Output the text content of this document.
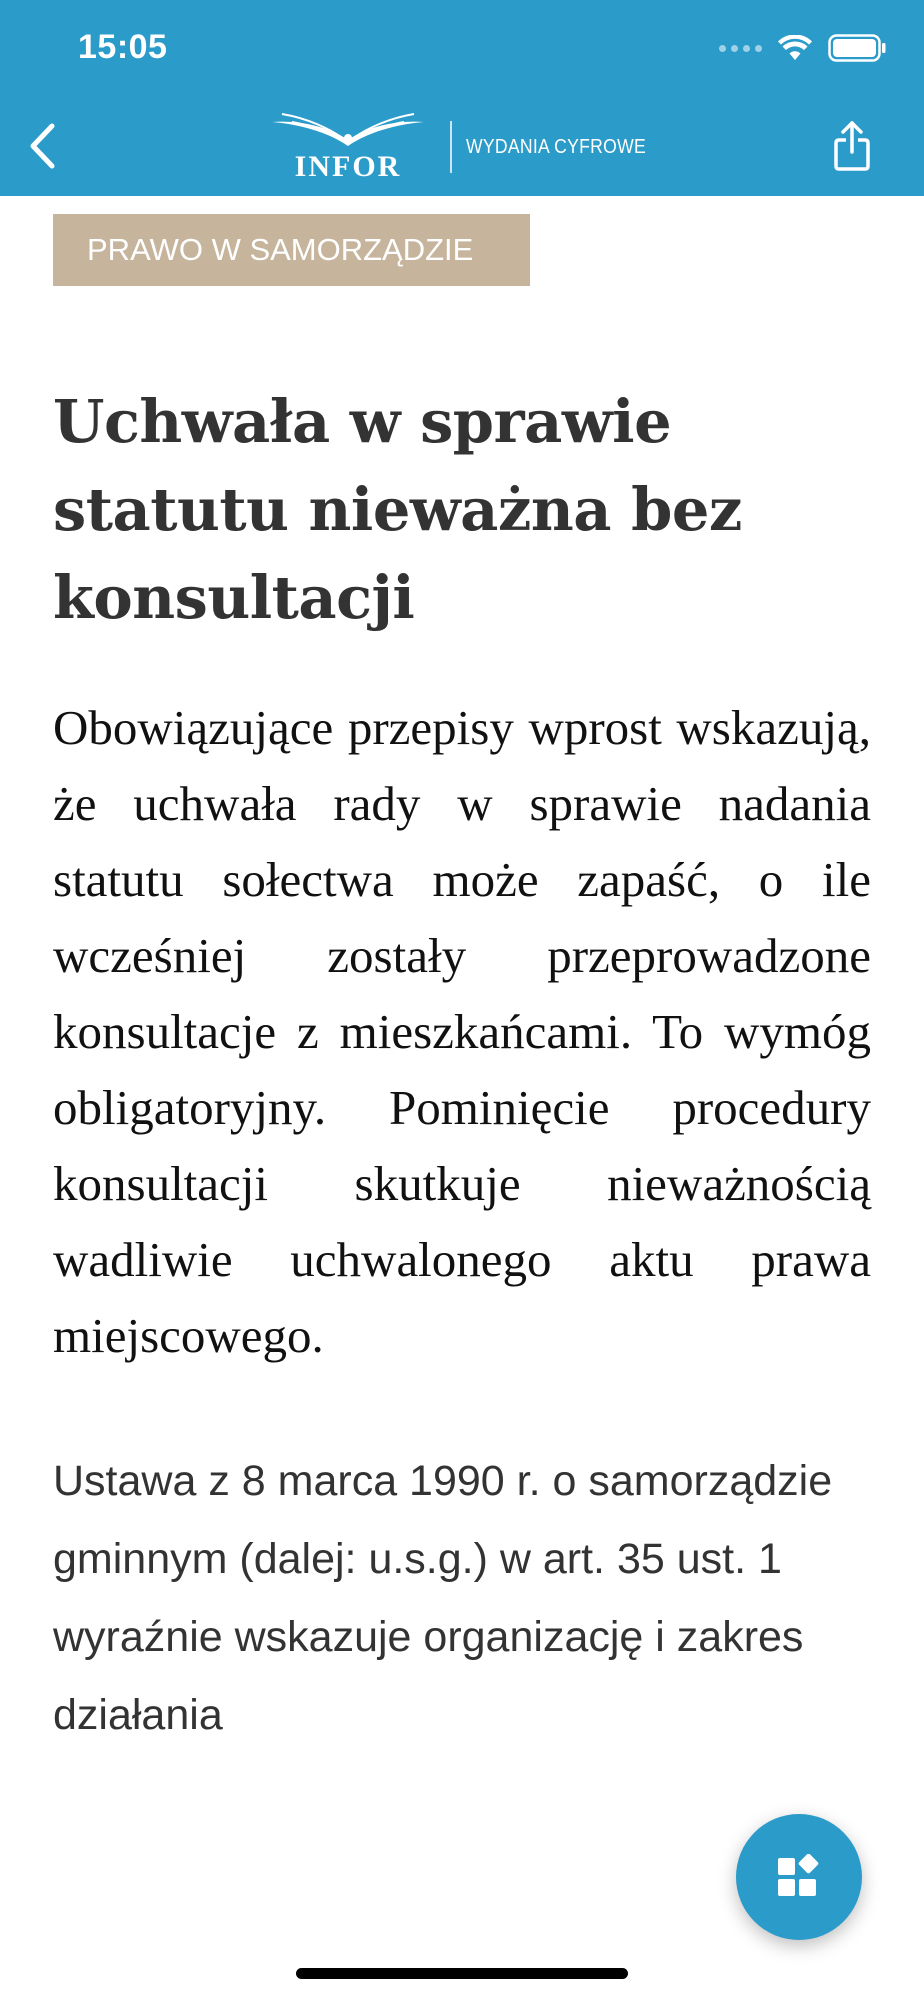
15:05
INFOR
WYDANIA CYFROWE
PRAWO W SAMORZĄDZIE
Uchwała w sprawie statutu nieważna bez konsultacji

Obowiązujące przepisy wprost wskazują, że uchwała rady w sprawie nadania statutu sołectwa może zapaść, o ile wcześniej zostały przeprowadzone konsultacje z mieszkańcami. To wymóg obligatoryjny. Pominięcie procedury konsultacji skutkuje nieważnością wadliwie uchwalonego aktu prawa miejscowego.

Ustawa z 8 marca 1990 r. o samorządzie gminnym (dalej: u.s.g.) w art. 35 ust. 1 wyraźnie wskazuje organizację i zakres działania
